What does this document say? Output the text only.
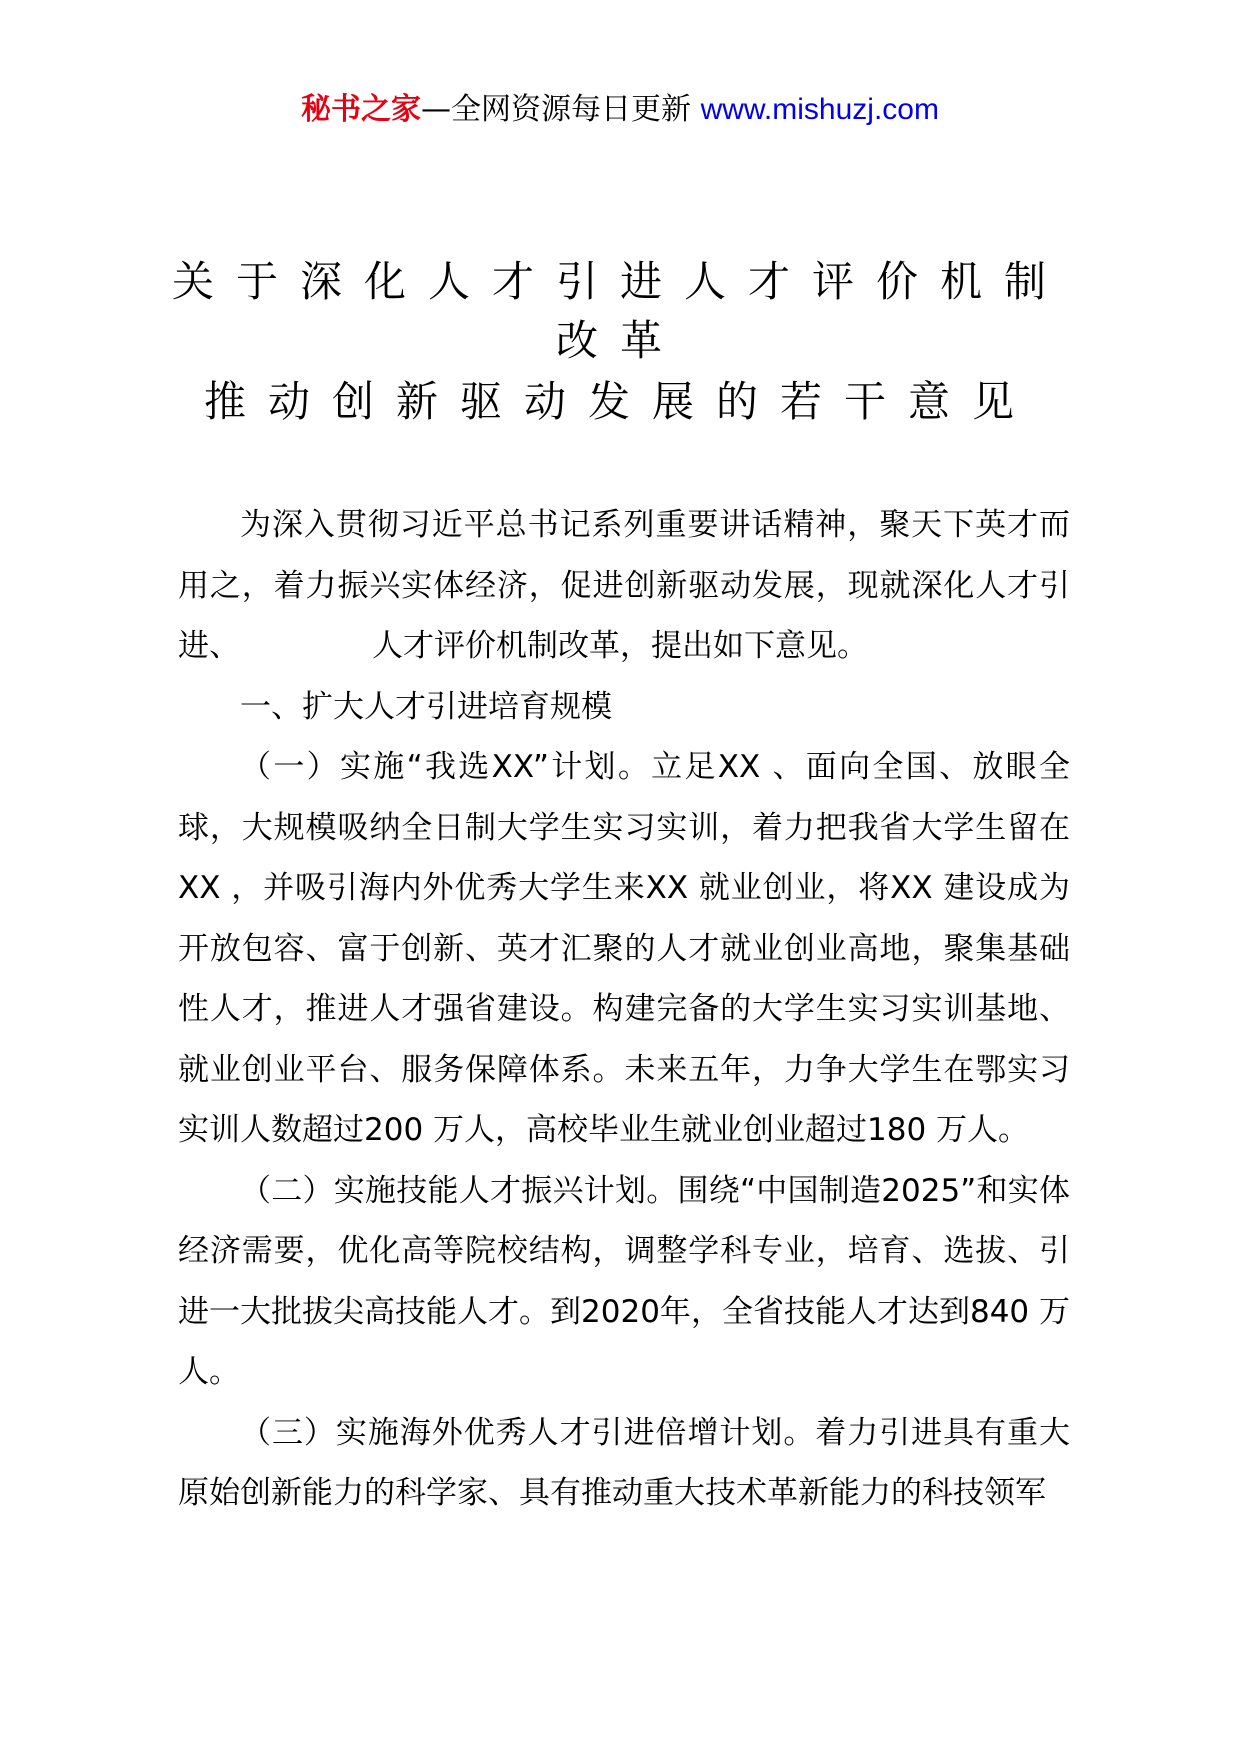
秘书之家—全网资源每日更新 www.mishuzj.com
关于深化人才引进人才评价机制
改革
推动创新驱动发展的若干意见

为深入贯彻习近平总书记系列重要讲话精神，聚天下英才而用之，着力振兴实体经济，促进创新驱动发展，现就深化人才引进、	人才评价机制改革，提出如下意见。

一、扩大人才引进培育规模

（一）实施“我选XX”计划。立足XX 、面向全国、放眼全球，大规模吸纳全日制大学生实习实训，着力把我省大学生留在XX ，并吸引海内外优秀大学生来XX 就业创业，将XX 建设成为开放包容、富于创新、英才汇聚的人才就业创业高地，聚集基础性人才，推进人才强省建设。构建完备的大学生实习实训基地、就业创业平台、服务保障体系。未来五年，力争大学生在鄂实习实训人数超过200 万人，高校毕业生就业创业超过180 万人。

（二）实施技能人才振兴计划。围绕“中国制造2025”和实体经济需要，优化高等院校结构，调整学科专业，培育、选拔、引进一大批拔尖高技能人才。到2020年，全省技能人才达到840 万人。

（三）实施海外优秀人才引进倍增计划。着力引进具有重大原始创新能力的科学家、具有推动重大技术革新能力的科技领军
